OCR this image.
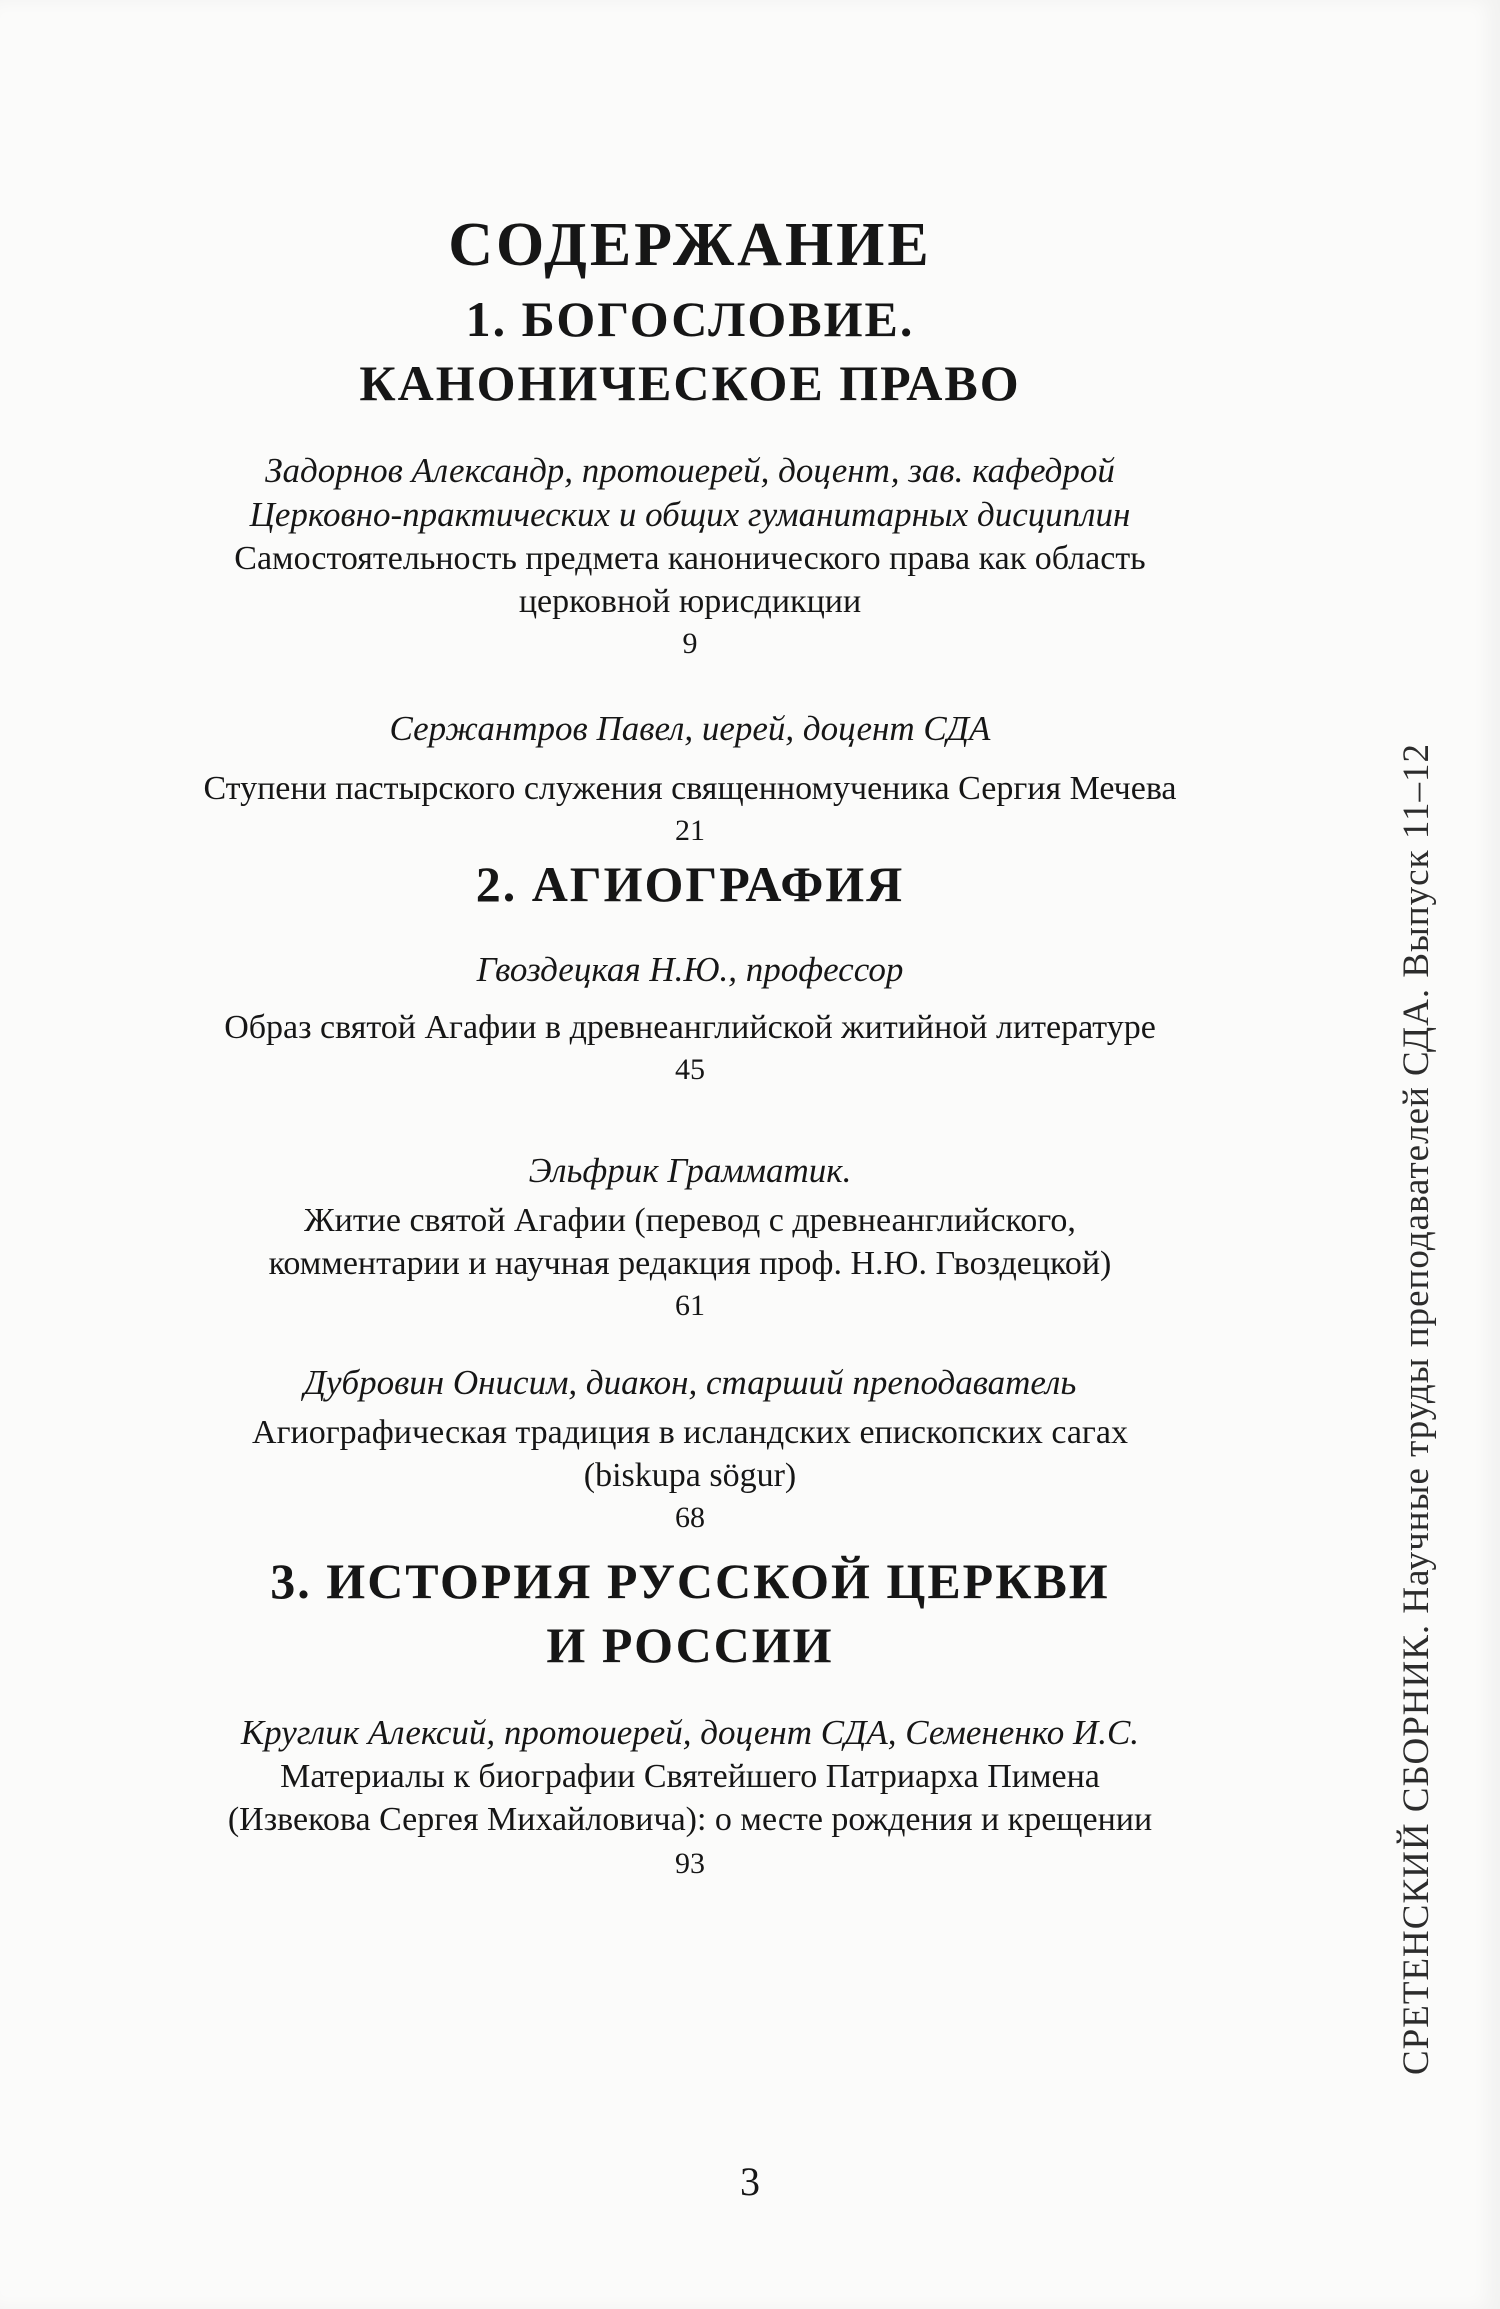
СОДЕРЖАНИЕ
1. БОГОСЛОВИЕ.
КАНОНИЧЕСКОЕ ПРАВО
Задорнов Александр, протоиерей, доцент, зав. кафедрой
Церковно-практических и общих гуманитарных дисциплин
Самостоятельность предмета канонического права как область
церковной юрисдикции
9
Сержантров Павел, иерей, доцент СДА
Ступени пастырского служения священномученика Сергия Мечева
21
2. АГИОГРАФИЯ
Гвоздецкая Н.Ю., профессор
Образ святой Агафии в древнеанглийской житийной литературе
45
Эльфрик Грамматик.
Житие святой Агафии (перевод с древнеанглийского,
комментарии и научная редакция проф. Н.Ю. Гвоздецкой)
61
Дубровин Онисим, диакон, старший преподаватель
Агиографическая традиция в исландских епископских сагах
(biskupa sögur)
68
3. ИСТОРИЯ РУССКОЙ ЦЕРКВИ
И РОССИИ
Круглик Алексий, протоиерей, доцент СДА, Семененко И.С.
Материалы к биографии Святейшего Патриарха Пимена
(Извекова Сергея Михайловича): о месте рождения и крещении
93	СРЕТЕНСКИЙ СБОРНИК. Научные труды преподавателей СДА. Выпуск 11–12
3
